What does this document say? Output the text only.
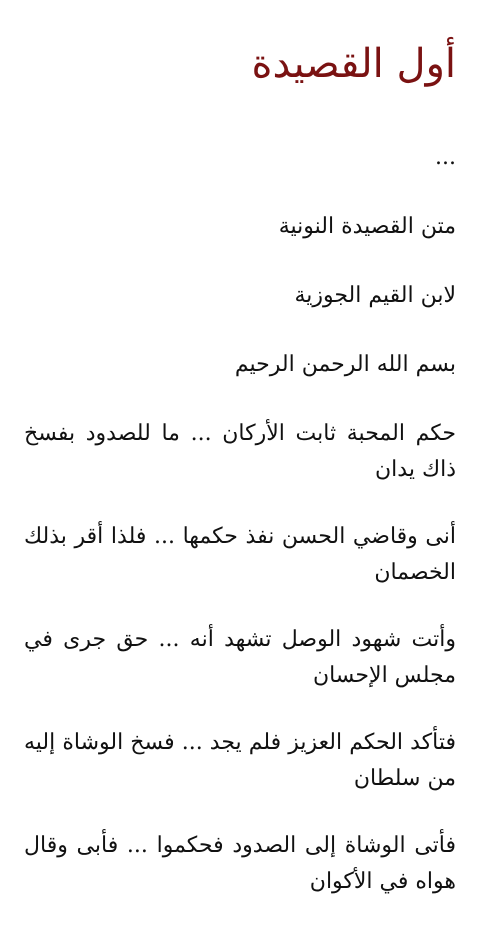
أول القصيدة

...

متن القصيدة النونية

لابن القيم الجوزية

بسم الله الرحمن الرحيم

حكم المحبة ثابت الأركان ... ما للصدود بفسخ ذاك يدان

أنى وقاضي الحسن نفذ حكمها ... فلذا أقر بذلك الخصمان

وأتت شهود الوصل تشهد أنه ... حق جرى في مجلس الإحسان

فتأكد الحكم العزيز فلم يجد ... فسخ الوشاة إليه من سلطان

فأتى الوشاة إلى الصدود فحكموا ... فأبى وقال هواه في الأكوان
